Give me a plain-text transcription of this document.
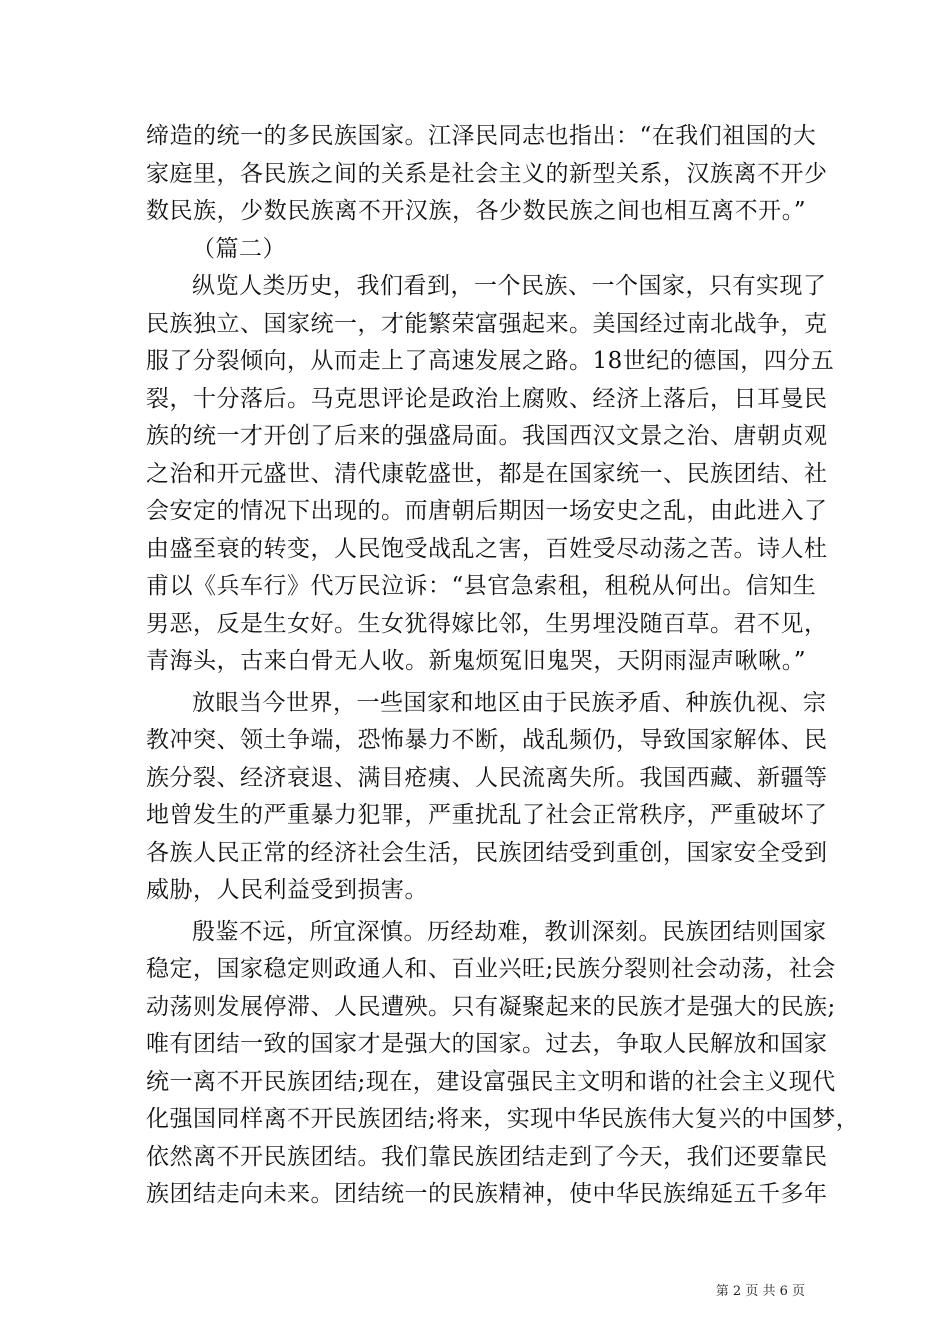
缔造的统一的多民族国家。江泽民同志也指出：“在我们祖国的大
家庭里，各民族之间的关系是社会主义的新型关系，汉族离不开少
数民族，少数民族离不开汉族，各少数民族之间也相互离不开。”
（篇二）
纵览人类历史，我们看到，一个民族、一个国家，只有实现了
民族独立、国家统一，才能繁荣富强起来。美国经过南北战争，克
服了分裂倾向，从而走上了高速发展之路。18世纪的德国，四分五
裂，十分落后。马克思评论是政治上腐败、经济上落后，日耳曼民
族的统一才开创了后来的强盛局面。我国西汉文景之治、唐朝贞观
之治和开元盛世、清代康乾盛世，都是在国家统一、民族团结、社
会安定的情况下出现的。而唐朝后期因一场安史之乱，由此进入了
由盛至衰的转变，人民饱受战乱之害，百姓受尽动荡之苦。诗人杜
甫以《兵车行》代万民泣诉：“县官急索租，租税从何出。信知生
男恶，反是生女好。生女犹得嫁比邻，生男埋没随百草。君不见，
青海头，古来白骨无人收。新鬼烦冤旧鬼哭，天阴雨湿声啾啾。”
放眼当今世界，一些国家和地区由于民族矛盾、种族仇视、宗
教冲突、领土争端，恐怖暴力不断，战乱频仍，导致国家解体、民
族分裂、经济衰退、满目疮痍、人民流离失所。我国西藏、新疆等
地曾发生的严重暴力犯罪，严重扰乱了社会正常秩序，严重破坏了
各族人民正常的经济社会生活，民族团结受到重创，国家安全受到
威胁，人民利益受到损害。
殷鉴不远，所宜深慎。历经劫难，教训深刻。民族团结则国家
稳定，国家稳定则政通人和、百业兴旺;民族分裂则社会动荡，社会
动荡则发展停滞、人民遭殃。只有凝聚起来的民族才是强大的民族;
唯有团结一致的国家才是强大的国家。过去，争取人民解放和国家
统一离不开民族团结;现在，建设富强民主文明和谐的社会主义现代
化强国同样离不开民族团结;将来，实现中华民族伟大复兴的中国梦，
依然离不开民族团结。我们靠民族团结走到了今天，我们还要靠民
族团结走向未来。团结统一的民族精神，使中华民族绵延五千多年
第 2 页 共 6 页
